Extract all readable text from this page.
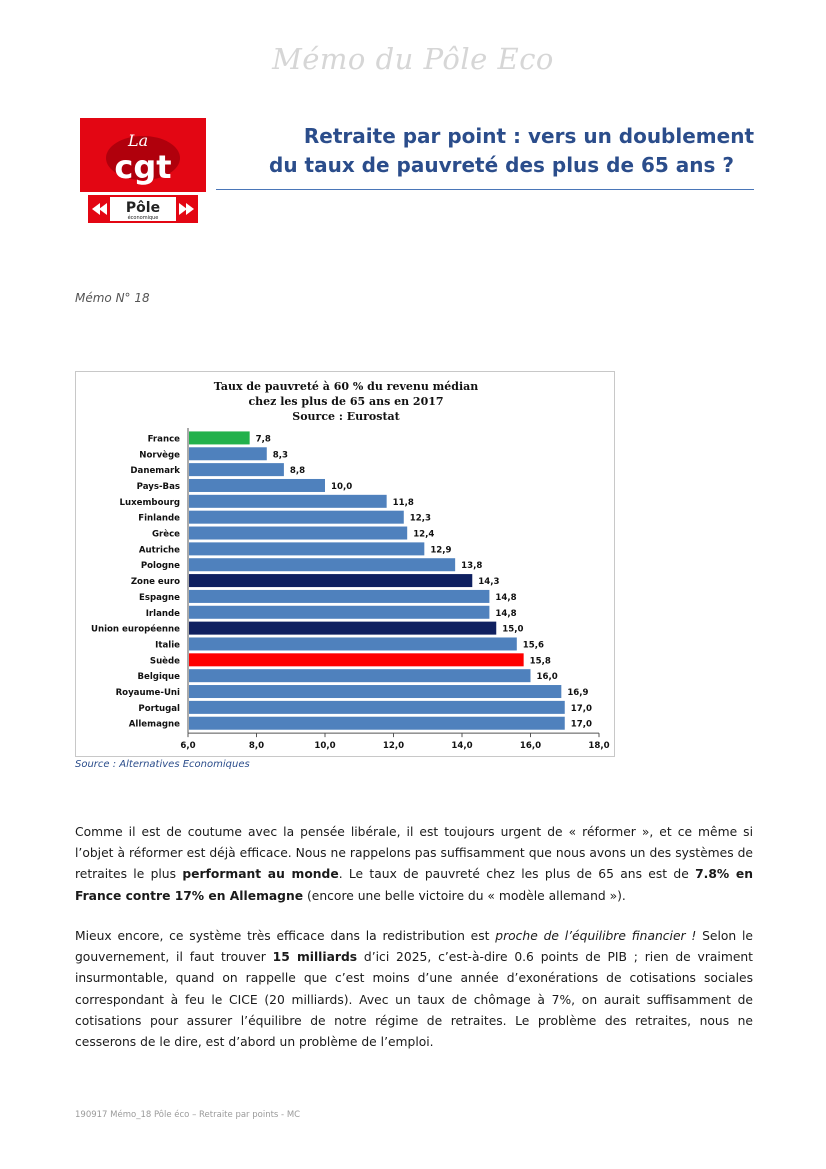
Mémo du Pôle Eco
La
cgt
Pôle
économique
Retraite par point : vers un doublement

du taux de pauvreté des plus de 65 ans ?
Mémo N° 18
Taux de pauvreté à 60 % du revenu médian
chez les plus de 65 ans en 2017
Source : Eurostat
France	7,8
Norvège	8,3
Danemark	8,8
Pays-Bas	10,0
Luxembourg	11,8
Finlande	12,3
Grèce	12,4
Autriche	12,9
Pologne	13,8
Zone euro	14,3
Espagne	14,8
Irlande	14,8
Union européenne	15,0
Italie	15,6
Suède	15,8
Belgique	16,0
Royaume-Uni	16,9
Portugal	17,0
Allemagne	17,0
6,0	8,0	10,0	12,0	14,0	16,0	18,0
Source : Alternatives Economiques

Comme il est de coutume avec la pensée libérale, il est toujours urgent de « réformer », et ce même si l’objet à réformer est déjà efficace. Nous ne rappelons pas suffisamment que nous avons un des systèmes de retraites le plus performant au monde. Le taux de pauvreté chez les plus de 65 ans est de 7.8% en France contre 17% en Allemagne (encore une belle victoire du « modèle allemand »).

Mieux encore, ce système très efficace dans la redistribution est proche de l’équilibre financier ! Selon le gouvernement, il faut trouver 15 milliards d’ici 2025, c’est-à-dire 0.6 points de PIB ; rien de vraiment insurmontable, quand on rappelle que c’est moins d’une année d’exonérations de cotisations sociales correspondant à feu le CICE (20 milliards). Avec un taux de chômage à 7%, on aurait suffisamment de cotisations pour assurer l’équilibre de notre régime de retraites. Le problème des retraites, nous ne cesserons de le dire, est d’abord un problème de l’emploi.

190917 Mémo_18 Pôle éco – Retraite par points - MC
